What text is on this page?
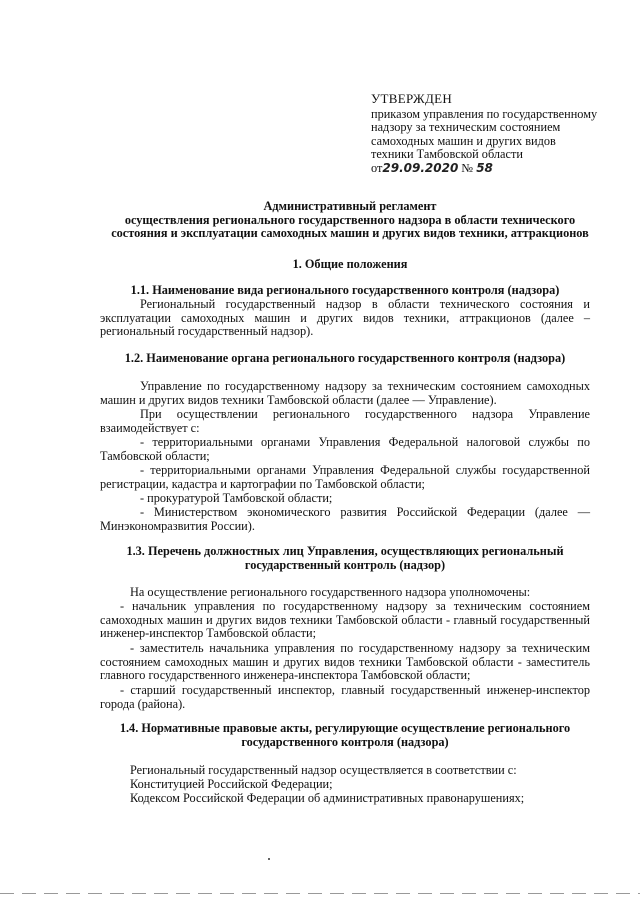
УТВЕРЖДЕН
приказом управления по государственному
надзору за техническим состоянием
самоходных машин и других видов
техники Тамбовской области
от29.09.2020 № 58
Административный регламент
осуществления регионального государственного надзора в области технического
состояния и эксплуатации самоходных машин и других видов техники, аттракционов
1. Общие положения
1.1. Наименование вида регионального государственного контроля (надзора)
Региональный государственный надзор в области технического состояния и эксплуатации самоходных машин и других видов техники, аттракционов (далее – региональный государственный надзор).
1.2. Наименование органа регионального государственного контроля (надзора)
Управление по государственному надзору за техническим состоянием самоходных машин и других видов техники Тамбовской области (далее — Управление).
При осуществлении регионального государственного надзора Управление взаимодействует с:
- территориальными органами Управления Федеральной налоговой службы по Тамбовской области;
- территориальными органами Управления Федеральной службы государственной регистрации, кадастра и картографии по Тамбовской области;
- прокуратурой Тамбовской области;
- Министерством экономического развития Российской Федерации (далее — Минэкономразвития России).
1.3. Перечень должностных лиц Управления, осуществляющих региональный
государственный контроль (надзор)
На осуществление регионального государственного надзора уполномочены:
- начальник управления по государственному надзору за техническим состоянием самоходных машин и других видов техники Тамбовской области - главный государственный инженер-инспектор Тамбовской области;
- заместитель начальника управления по государственному надзору за техническим состоянием самоходных машин и других видов техники Тамбовской области - заместитель главного государственного инженера-инспектора Тамбовской области;
- старший государственный инспектор, главный государственный инженер-инспектор города (района).
1.4. Нормативные правовые акты, регулирующие осуществление регионального
государственного контроля (надзора)
Региональный государственный надзор осуществляется в соответствии с:
Конституцией Российской Федерации;
Кодексом Российской Федерации об административных правонарушениях;
